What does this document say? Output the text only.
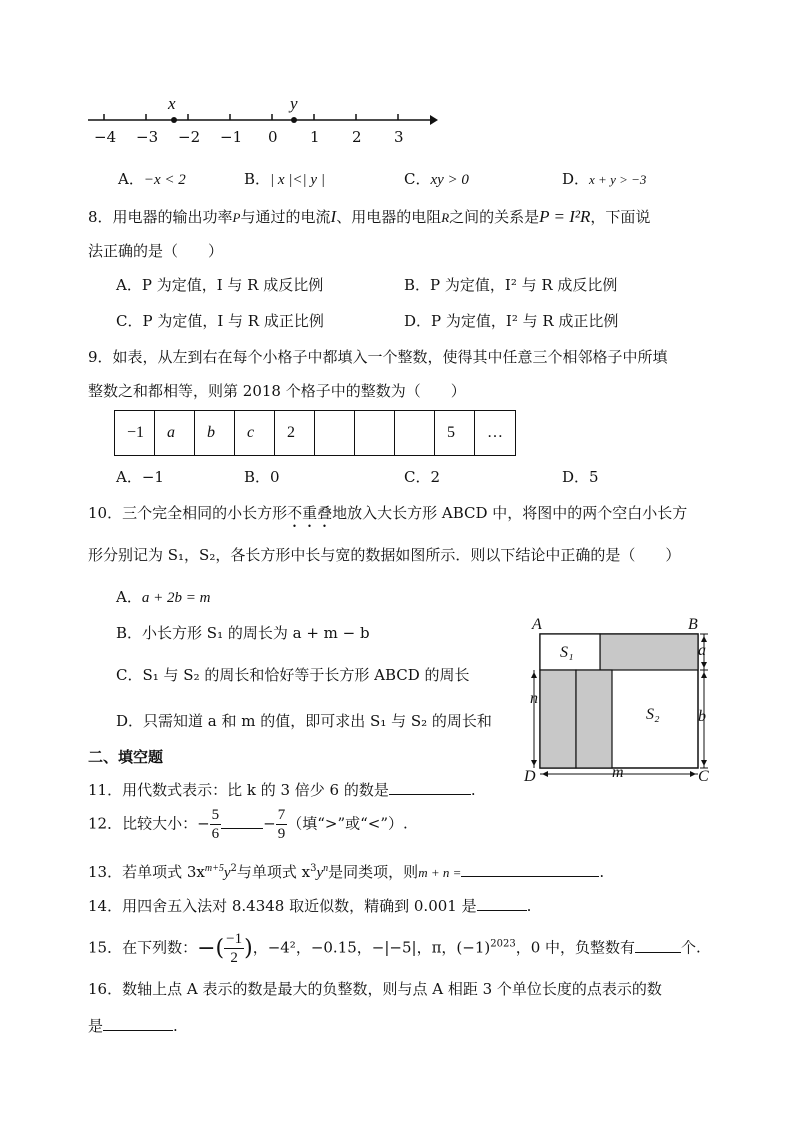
x	y
−4 −3 −2 −1 0 1 2 3
A．−x < 2	B．| x |<| y |	C．xy > 0	D．x + y > −3
8．用电器的输出功率P与通过的电流I、用电器的电阻R之间的关系是P = I²R，下面说
法正确的是（　　）
A．P 为定值，I 与 R 成反比例	B．P 为定值，I² 与 R 成反比例
C．P 为定值，I 与 R 成正比例	D．P 为定值，I² 与 R 成正比例
9．如表，从左到右在每个小格子中都填入一个整数，使得其中任意三个相邻格子中所填
整数之和都相等，则第 2018 个格子中的整数为（　　）
−1	a	b	c	2	5	…
A．−1	B．0	C．2	D．5
10．三个完全相同的小长方形不重叠地放入大长方形 ABCD 中，将图中的两个空白小长方
形分别记为 S₁，S₂，各长方形中长与宽的数据如图所示．则以下结论中正确的是（　　）
A．a + 2b = m
B．小长方形 S₁ 的周长为 a + m − b
C．S₁ 与 S₂ 的周长和恰好等于长方形 ABCD 的周长
D．只需知道 a 和 m 的值，即可求出 S₁ 与 S₂ 的周长和
A	B
C
D
S₁
S₂
a
b
n
m
二、填空题
11．用代数式表示：比 k 的 3 倍少 6 的数是	.
12．比较大小：− $\frac{5}{6}$	− $\frac{7}{9}$ （填“>”或“<”）.
13．若单项式 $3x^{m+5}y^2$与单项式 $x^3y^n$是同类项，则m + n =	.
14．用四舍五入法对 8.4348 取近似数，精确到 0.001 是	.
15．在下列数：−( $\frac{-1}{2}$ )，−4²，−0.15，−|−5|，π，$(-1)^{2023}$，0 中，负整数有	个.
16．数轴上点 A 表示的数是最大的负整数，则与点 A 相距 3 个单位长度的点表示的数
是	.
